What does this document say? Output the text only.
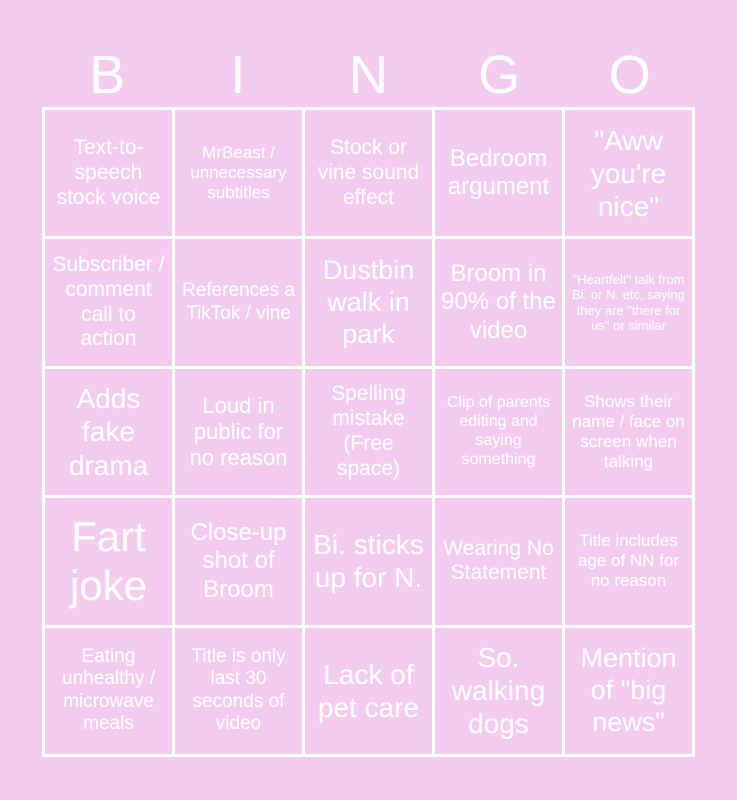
B	I	N	G	O
Text-to-speech stock voice
MrBeast / unnecessary subtitles
Stock or vine sound effect
Bedroom argument
"Aww you're nice"
Subscriber / comment call to action
References a TikTok / vine
Dustbin walk in park
Broom in 90% of the video
"Heartfelt" talk from Bi. or N. etc, saying they are "there for us" or similar
Adds fake drama
Loud in public for no reason
Spelling mistake (Free space)
Clip of parents editing and saying something
Shows their name / face on screen when talking
Fart joke
Close-up shot of Broom
Bi. sticks up for N.
Wearing No Statement
Title includes age of NN for no reason
Eating unhealthy / microwave meals
Title is only last 30 seconds of video
Lack of pet care
So. walking dogs
Mention of "big news"
